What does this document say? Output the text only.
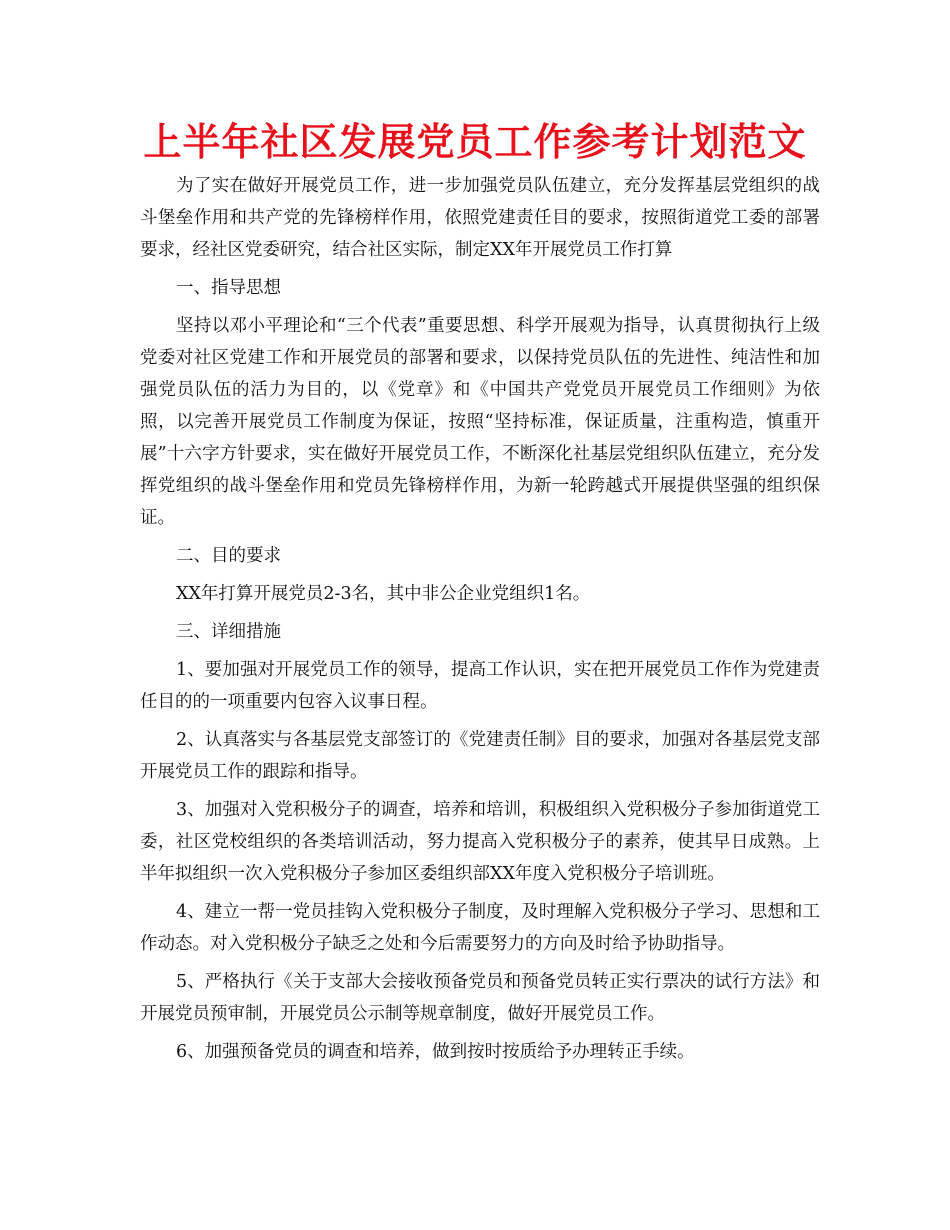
上半年社区发展党员工作参考计划范文

为了实在做好开展党员工作，进一步加强党员队伍建立，充分发挥基层党组织的战斗堡垒作用和共产党的先锋榜样作用，依照党建责任目的要求，按照街道党工委的部署要求，经社区党委研究，结合社区实际，制定XX年开展党员工作打算

一、指导思想

坚持以邓小平理论和“三个代表”重要思想、科学开展观为指导，认真贯彻执行上级党委对社区党建工作和开展党员的部署和要求，以保持党员队伍的先进性、纯洁性和加强党员队伍的活力为目的，以《党章》和《中国共产党党员开展党员工作细则》为依照，以完善开展党员工作制度为保证，按照“坚持标准，保证质量，注重构造，慎重开展”十六字方针要求，实在做好开展党员工作，不断深化社基层党组织队伍建立，充分发挥党组织的战斗堡垒作用和党员先锋榜样作用，为新一轮跨越式开展提供坚强的组织保证。

二、目的要求

XX年打算开展党员2-3名，其中非公企业党组织1名。

三、详细措施

1、要加强对开展党员工作的领导，提高工作认识，实在把开展党员工作作为党建责任目的的一项重要内包容入议事日程。

2、认真落实与各基层党支部签订的《党建责任制》目的要求，加强对各基层党支部开展党员工作的跟踪和指导。

3、加强对入党积极分子的调查，培养和培训，积极组织入党积极分子参加街道党工委，社区党校组织的各类培训活动，努力提高入党积极分子的素养，使其早日成熟。上半年拟组织一次入党积极分子参加区委组织部XX年度入党积极分子培训班。

4、建立一帮一党员挂钩入党积极分子制度，及时理解入党积极分子学习、思想和工作动态。对入党积极分子缺乏之处和今后需要努力的方向及时给予协助指导。

5、严格执行《关于支部大会接收预备党员和预备党员转正实行票决的试行方法》和开展党员预审制，开展党员公示制等规章制度，做好开展党员工作。

6、加强预备党员的调查和培养，做到按时按质给予办理转正手续。
